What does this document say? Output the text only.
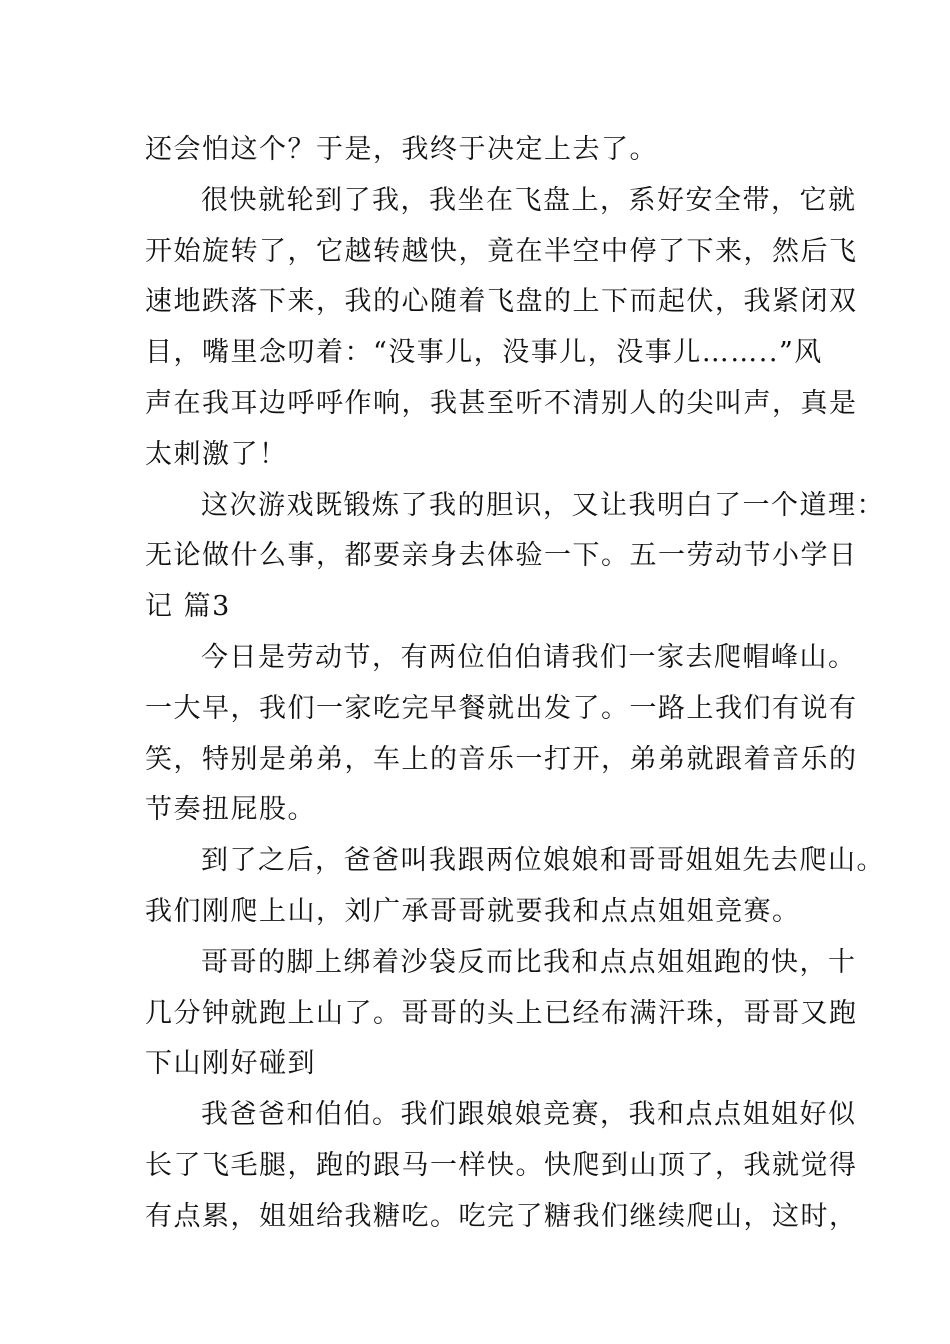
还会怕这个？于是，我终于决定上去了。
很快就轮到了我，我坐在飞盘上，系好安全带，它就
开始旋转了，它越转越快，竟在半空中停了下来，然后飞
速地跌落下来，我的心随着飞盘的上下而起伏，我紧闭双
目，嘴里念叨着：“没事儿，没事儿，没事儿……..”风
声在我耳边呼呼作响，我甚至听不清别人的尖叫声，真是
太刺激了！
这次游戏既锻炼了我的胆识，又让我明白了一个道理：
无论做什么事，都要亲身去体验一下。五一劳动节小学日
记 篇3
今日是劳动节，有两位伯伯请我们一家去爬帽峰山。
一大早，我们一家吃完早餐就出发了。一路上我们有说有
笑，特别是弟弟，车上的音乐一打开，弟弟就跟着音乐的
节奏扭屁股。
到了之后，爸爸叫我跟两位娘娘和哥哥姐姐先去爬山。
我们刚爬上山，刘广承哥哥就要我和点点姐姐竞赛。
哥哥的脚上绑着沙袋反而比我和点点姐姐跑的快，十
几分钟就跑上山了。哥哥的头上已经布满汗珠，哥哥又跑
下山刚好碰到
我爸爸和伯伯。我们跟娘娘竞赛，我和点点姐姐好似
长了飞毛腿，跑的跟马一样快。快爬到山顶了，我就觉得
有点累，姐姐给我糖吃。吃完了糖我们继续爬山，这时，
